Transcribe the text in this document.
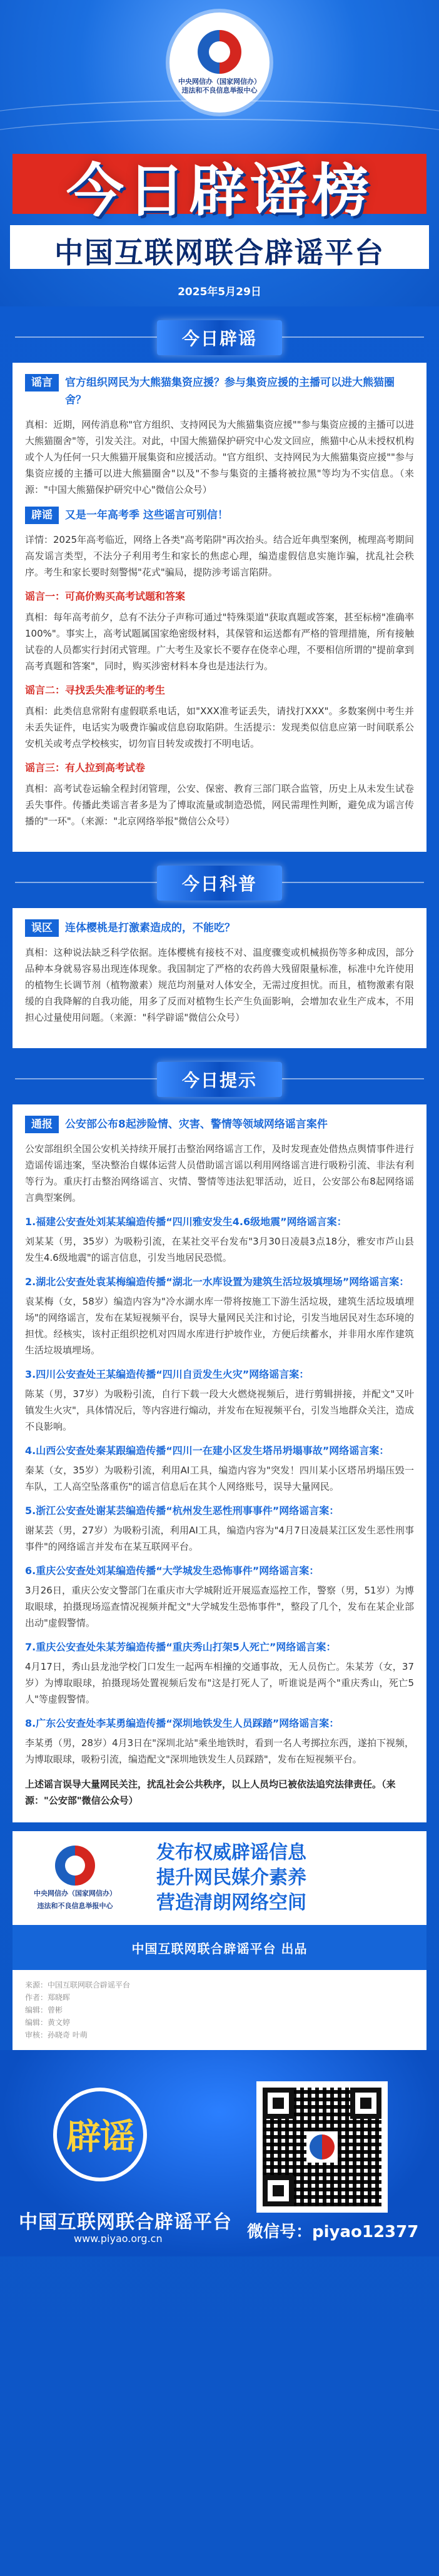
中央网信办（国家网信办）
违法和不良信息举报中心
今日辟谣榜
中国互联网联合辟谣平台
2025年5月29日
今日辟谣
谣言	官方组织网民为大熊猫集资应援？参与集资应援的主播可以进大熊猫圈舍？
真相：近期，网传消息称"官方组织、支持网民为大熊猫集资应援""参与集资应援的主播可以进大熊猫圈舍"等，引发关注。对此，中国大熊猫保护研究中心发文回应，熊猫中心从未授权机构或个人为任何一只大熊猫开展集资和应援活动。"官方组织、支持网民为大熊猫集资应援""参与集资应援的主播可以进大熊猫圈舍"以及"不参与集资的主播将被拉黑"等均为不实信息。（来源："中国大熊猫保护研究中心"微信公众号）
辟谣	又是一年高考季 这些谣言可别信！
详情：2025年高考临近，网络上各类"高考陷阱"再次抬头。结合近年典型案例，梳理高考期间高发谣言类型，不法分子利用考生和家长的焦虑心理，编造虚假信息实施诈骗，扰乱社会秩序。考生和家长要时刻警惕"花式"骗局，提防涉考谣言陷阱。
谣言一：可高价购买高考试题和答案
真相：每年高考前夕，总有不法分子声称可通过"特殊渠道"获取真题或答案，甚至标榜"准确率100%"。事实上，高考试题属国家绝密级材料，其保管和运送都有严格的管理措施，所有接触试卷的人员都实行封闭式管理。广大考生及家长不要存在侥幸心理，不要相信所谓的"提前拿到高考真题和答案"，同时，购买涉密材料本身也是违法行为。
谣言二：寻找丢失准考证的考生
真相：此类信息常附有虚假联系电话，如"XXX准考证丢失，请找打XXX"。多数案例中考生并未丢失证件，电话实为吸费诈骗或信息窃取陷阱。生活提示：发现类似信息应第一时间联系公安机关或考点学校核实，切勿盲目转发或拨打不明电话。
谣言三：有人拉到高考试卷
真相：高考试卷运输全程封闭管理，公安、保密、教育三部门联合监管，历史上从未发生试卷丢失事件。传播此类谣言者多是为了博取流量或制造恐慌，网民需理性判断，避免成为谣言传播的"一环"。（来源："北京网络举报"微信公众号）
今日科普
误区	连体樱桃是打激素造成的，不能吃？
真相：这种说法缺乏科学依据。连体樱桃有接枝不对、温度骤变或机械损伤等多种成因，部分品种本身就易容易出现连体现象。我国制定了严格的农药兽大残留限量标准，标准中允许使用的植物生长调节剂（植物激素）规范均剂量对人体安全，无需过度担忧。而且，植物激素有限缓的自我降解的自我功能，用多了反而对植物生长产生负面影响，会增加农业生产成本，不用担心过量使用问题。（来源："科学辟谣"微信公众号）
今日提示
通报	公安部公布8起涉险情、灾害、警情等领域网络谣言案件
公安部组织全国公安机关持续开展打击整治网络谣言工作，及时发现查处借热点舆情事件进行造谣传谣违案，坚决整治自媒体运营人员借助谣言谣以利用网络谣言进行吸粉引流、非法有利等行为。重庆打击整治网络谣言、灾情、警情等违法犯罪活动，近日，公安部公布8起网络谣言典型案例。
1.福建公安查处刘某某编造传播“四川雅安发生4.6级地震”网络谣言案：
刘某某（男，35岁）为吸粉引流，在某社交平台发布"3月30日凌晨3点18分，雅安市芦山县发生4.6级地震"的谣言信息，引发当地居民恐慌。
2.湖北公安查处袁某梅编造传播“湖北一水库设置为建筑生活垃圾填埋场”网络谣言案：
袁某梅（女，58岁）编造内容为"冷水湖水库一带将按施工下游生活垃圾，建筑生活垃圾填埋场"的网络谣言，发布在某短视频平台，误导大量网民关注和讨论，引发当地居民对生态环境的担忧。经核实，该村正组织挖机对四周水库进行护坡作业，方便后续蓄水，并非用水库作建筑生活垃圾填埋场。
3.四川公安查处王某编造传播“四川自贡发生火灾”网络谣言案：
陈某（男，37岁）为吸粉引流，自行下载一段大火燃烧视频后，进行剪辑拼接，并配文"又叶镇发生火灾"，具体情况后，等内容进行煽动，并发布在短视频平台，引发当地群众关注，造成不良影响。
4.山西公安查处秦某跟编造传播“四川一在建小区发生塔吊坍塌事故”网络谣言案：
秦某（女，35岁）为吸粉引流，利用AI工具，编造内容为"突发！四川某小区塔吊坍塌压毁一车队，工人高空坠落重伤"的谣言信息后在其个人网络账号，误导大量网民。
5.浙江公安查处谢某芸编造传播“杭州发生恶性刑事事件”网络谣言案：
谢某芸（男，27岁）为吸粉引流，利用AI工具，编造内容为"4月7日凌晨某江区发生恶性刑事事件"的网络谣言并发布在某互联网平台。
6.重庆公安查处刘某编造传播“大学城发生恐怖事件”网络谣言案：
3月26日，重庆公安文警部门在重庆市大学城附近开展巡查巡控工作，警察（男，51岁）为博取眼球，拍摄现场巡查情况视频并配文"大学城发生恐怖事件"，整段了几个，发布在某企业部出动"虚假警情。
7.重庆公安查处朱某芳编造传播“重庆秀山打架5人死亡”网络谣言案：
4月17日，秀山县龙池学校门口发生一起两车相撞的交通事故，无人员伤亡。朱某芳（女，37岁）为博取眼球，拍摄现场处置视频后发布"这是打死人了，听谁说是两个"重庆秀山，死亡5人"等虚假警情。
8.广东公安查处李某勇编造传播“深圳地铁发生人员踩踏”网络谣言案：
李某勇（男，28岁）4月3日在"深圳北站"乘坐地铁时，看到一名人考掷拉东西，遂拍下视频，为博取眼球，吸粉引流，编造配文"深圳地铁发生人员踩踏"，发布在短视频平台。
上述谣言误导大量网民关注，扰乱社会公共秩序，以上人员均已被依法追究法律责任。（来源："公安部"微信公众号）
中央网信办（国家网信办）
违法和不良信息举报中心
发布权威辟谣信息
提升网民媒介素养
营造清朗网络空间
中国互联网联合辟谣平台 出品
来源：中国互联网联合辟谣平台
作者：郑晓晖
编辑：曾彬
编辑：黄文婷
审核：孙晓奇 叶萌
辟谣
中国互联网联合辟谣平台
www.piyao.org.cn	微信号：piyao12377
